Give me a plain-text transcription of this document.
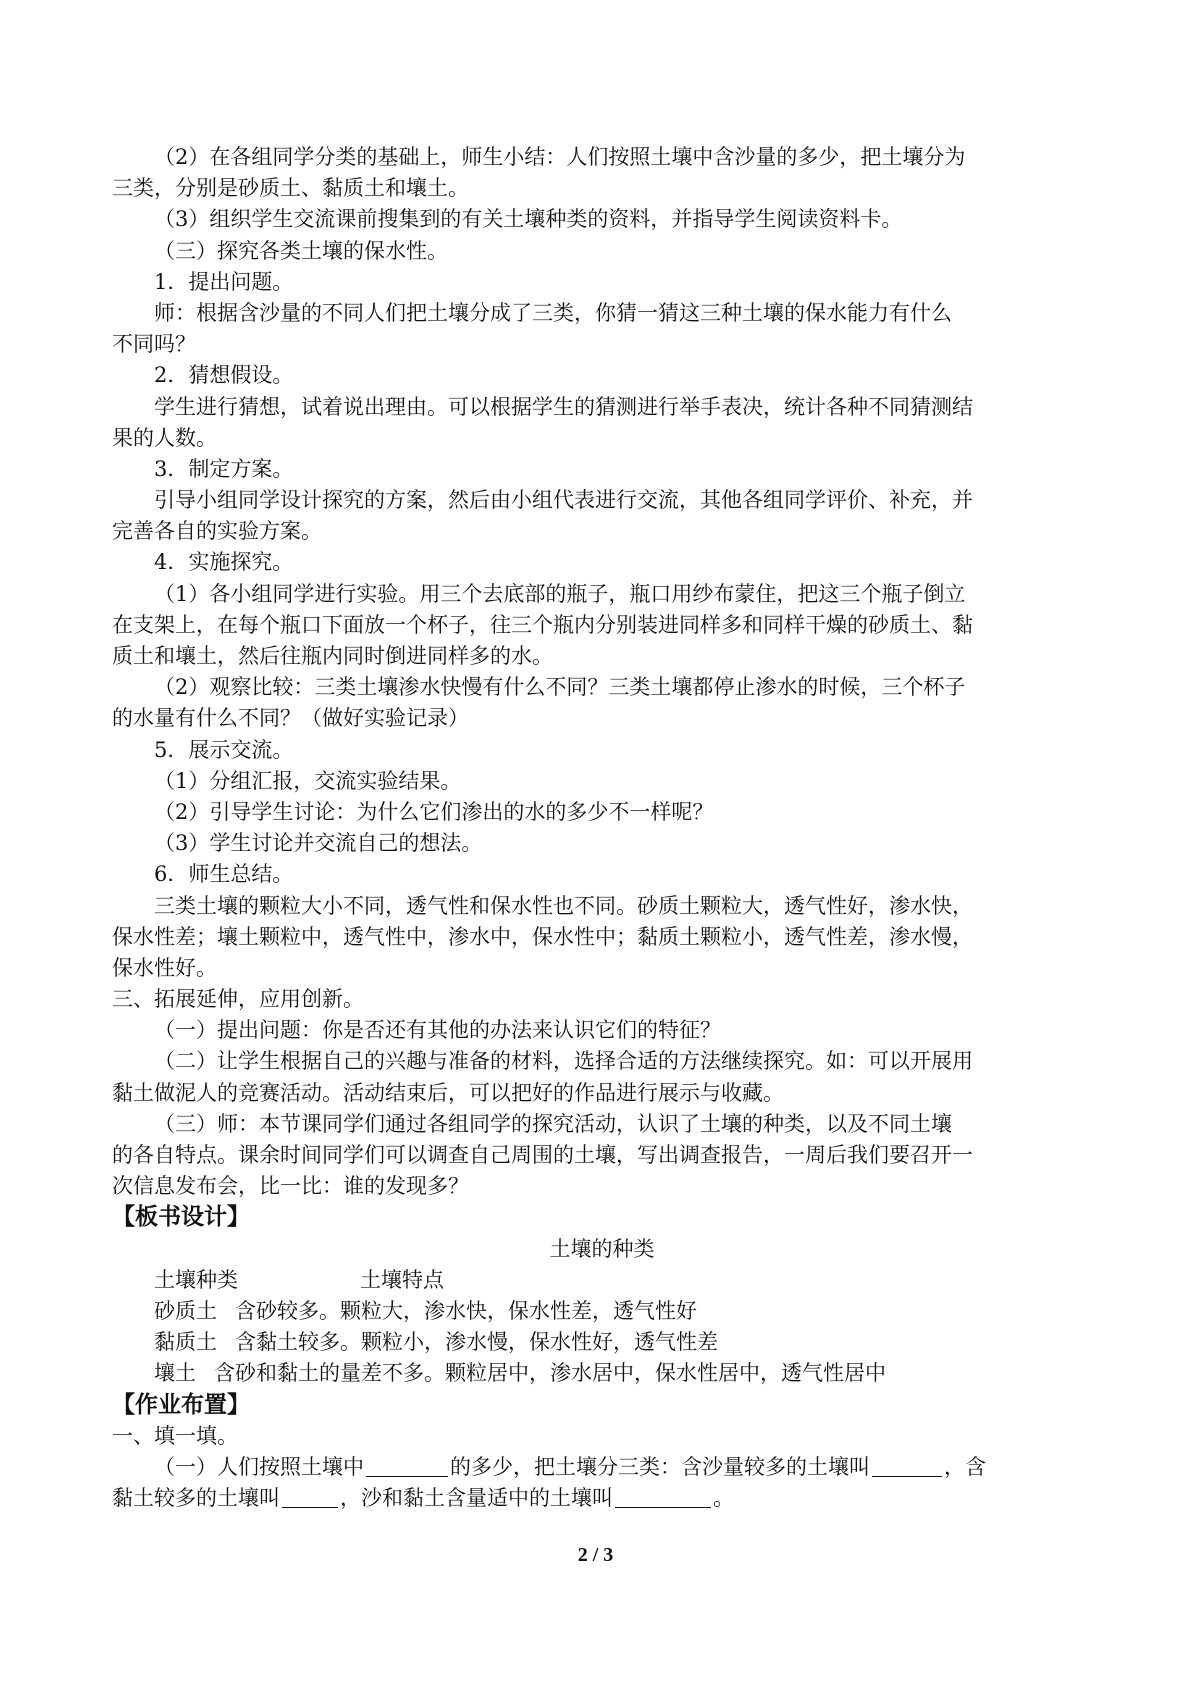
（2）在各组同学分类的基础上，师生小结：人们按照土壤中含沙量的多少，把土壤分为
三类，分别是砂质土、黏质土和壤土。
（3）组织学生交流课前搜集到的有关土壤种类的资料，并指导学生阅读资料卡。
（三）探究各类土壤的保水性。
1．提出问题。
师：根据含沙量的不同人们把土壤分成了三类，你猜一猜这三种土壤的保水能力有什么
不同吗？
2．猜想假设。
学生进行猜想，试着说出理由。可以根据学生的猜测进行举手表决，统计各种不同猜测结
果的人数。
3．制定方案。
引导小组同学设计探究的方案，然后由小组代表进行交流，其他各组同学评价、补充，并
完善各自的实验方案。
4．实施探究。
（1）各小组同学进行实验。用三个去底部的瓶子，瓶口用纱布蒙住，把这三个瓶子倒立
在支架上，在每个瓶口下面放一个杯子，往三个瓶内分别装进同样多和同样干燥的砂质土、黏
质土和壤土，然后往瓶内同时倒进同样多的水。
（2）观察比较：三类土壤渗水快慢有什么不同？三类土壤都停止渗水的时候，三个杯子
的水量有什么不同？（做好实验记录）
5．展示交流。
（1）分组汇报，交流实验结果。
（2）引导学生讨论：为什么它们渗出的水的多少不一样呢？
（3）学生讨论并交流自己的想法。
6．师生总结。
三类土壤的颗粒大小不同，透气性和保水性也不同。砂质土颗粒大，透气性好，渗水快，
保水性差；壤土颗粒中，透气性中，渗水中，保水性中；黏质土颗粒小，透气性差，渗水慢，
保水性好。
三、拓展延伸，应用创新。
（一）提出问题：你是否还有其他的办法来认识它们的特征？
（二）让学生根据自己的兴趣与准备的材料，选择合适的方法继续探究。如：可以开展用
黏土做泥人的竞赛活动。活动结束后，可以把好的作品进行展示与收藏。
（三）师：本节课同学们通过各组同学的探究活动，认识了土壤的种类，以及不同土壤
的各自特点。课余时间同学们可以调查自己周围的土壤，写出调查报告，一周后我们要召开一
次信息发布会，比一比：谁的发现多？
【板书设计】
土壤的种类
土壤种类	土壤特点
砂质土 含砂较多。颗粒大，渗水快，保水性差，透气性好
黏质土 含黏土较多。颗粒小，渗水慢，保水性好，透气性差
壤土 含砂和黏土的量差不多。颗粒居中，渗水居中，保水性居中，透气性居中
【作业布置】
一、填一填。
（一）人们按照土壤中	的多少，把土壤分三类：含沙量较多的土壤叫	，含
黏土较多的土壤叫	，沙和黏土含量适中的土壤叫	。
2 / 3
